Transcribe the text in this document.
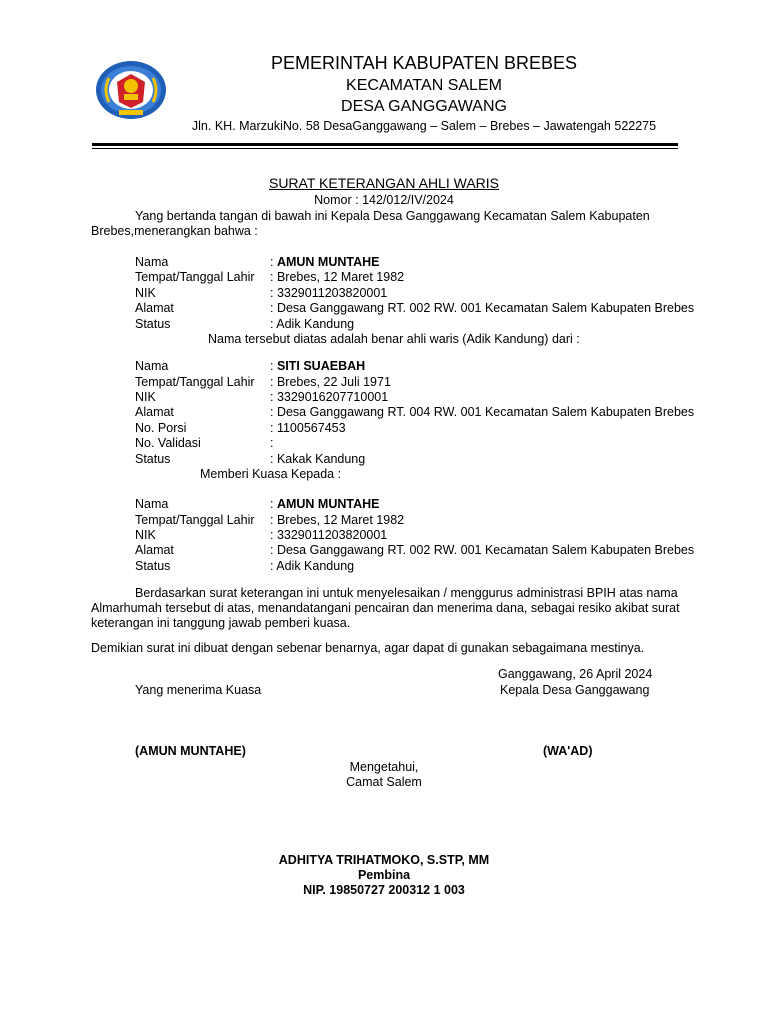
PEMERINTAH KABUPATEN BREBES
KECAMATAN SALEM
DESA GANGGAWANG
Jln. KH. MarzukiNo. 58 DesaGanggawang – Salem – Brebes – Jawatengah 522275
SURAT KETERANGAN AHLI WARIS
Nomor : 142/012/IV/2024
Yang bertanda tangan di bawah ini Kepala Desa Ganggawang Kecamatan Salem Kabupaten
Brebes,menerangkan bahwa :
Nama	: AMUN MUNTAHE
Tempat/Tanggal Lahir : Brebes, 12 Maret 1982
NIK	: 3329011203820001
Alamat	: Desa Ganggawang RT. 002 RW. 001 Kecamatan Salem Kabupaten Brebes
Status	: Adik Kandung
Nama tersebut diatas adalah benar ahli waris (Adik Kandung) dari :
Nama	: SITI SUAEBAH
Tempat/Tanggal Lahir : Brebes, 22 Juli 1971
NIK	: 3329016207710001
Alamat	: Desa Ganggawang RT. 004 RW. 001 Kecamatan Salem Kabupaten Brebes
No. Porsi	: 1100567453
No. Validasi	:
Status	: Kakak Kandung
Memberi Kuasa Kepada :
Nama	: AMUN MUNTAHE
Tempat/Tanggal Lahir : Brebes, 12 Maret 1982
NIK	: 3329011203820001
Alamat	: Desa Ganggawang RT. 002 RW. 001 Kecamatan Salem Kabupaten Brebes
Status	: Adik Kandung
Berdasarkan surat keterangan ini untuk menyelesaikan / menggurus administrasi BPIH atas nama
Almarhumah tersebut di atas, menandatangani pencairan dan menerima dana, sebagai resiko akibat surat
keterangan ini tanggung jawab pemberi kuasa.
Demikian surat ini dibuat dengan sebenar benarnya, agar dapat di gunakan sebagaimana mestinya.
Ganggawang, 26 April 2024
Yang menerima Kuasa	Kepala Desa Ganggawang
(AMUN MUNTAHE)	(WA'AD)
Mengetahui,
Camat Salem
ADHITYA TRIHATMOKO, S.STP, MM
Pembina
NIP. 19850727 200312 1 003
